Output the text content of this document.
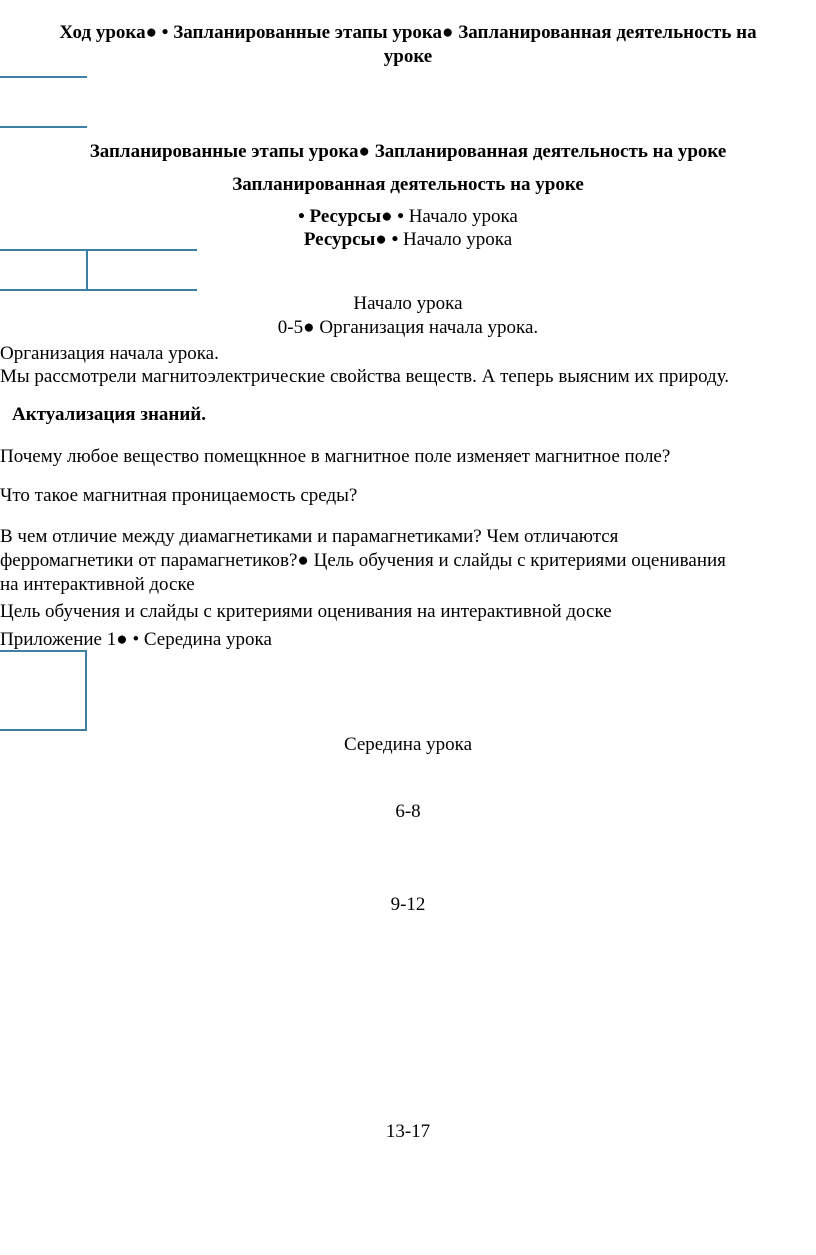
Ход урока● • Запланированные этапы урока● Запланированная деятельность на
уроке
Запланированные этапы урока● Запланированная деятельность на уроке
Запланированная деятельность на уроке
• Ресурсы● • Начало урока
Ресурсы● • Начало урока
Начало урока
0-5● Организация начала урока.
Организация начала урока.
Мы рассмотрели магнитоэлектрические свойства веществ. А теперь выясним их природу.
Актуализация знаний.
Почему любое вещество помещкнное в магнитное поле изменяет магнитное поле?
Что такое магнитная проницаемость среды?
В чем отличие между диамагнетиками и парамагнетиками? Чем отличаются
ферромагнетики от парамагнетиков?● Цель обучения и слайды с критериями оценивания
на интерактивной доске
Цель обучения и слайды с критериями оценивания на интерактивной доске
Приложение 1● • Середина урока
Середина урока
6-8
9-12
13-17
